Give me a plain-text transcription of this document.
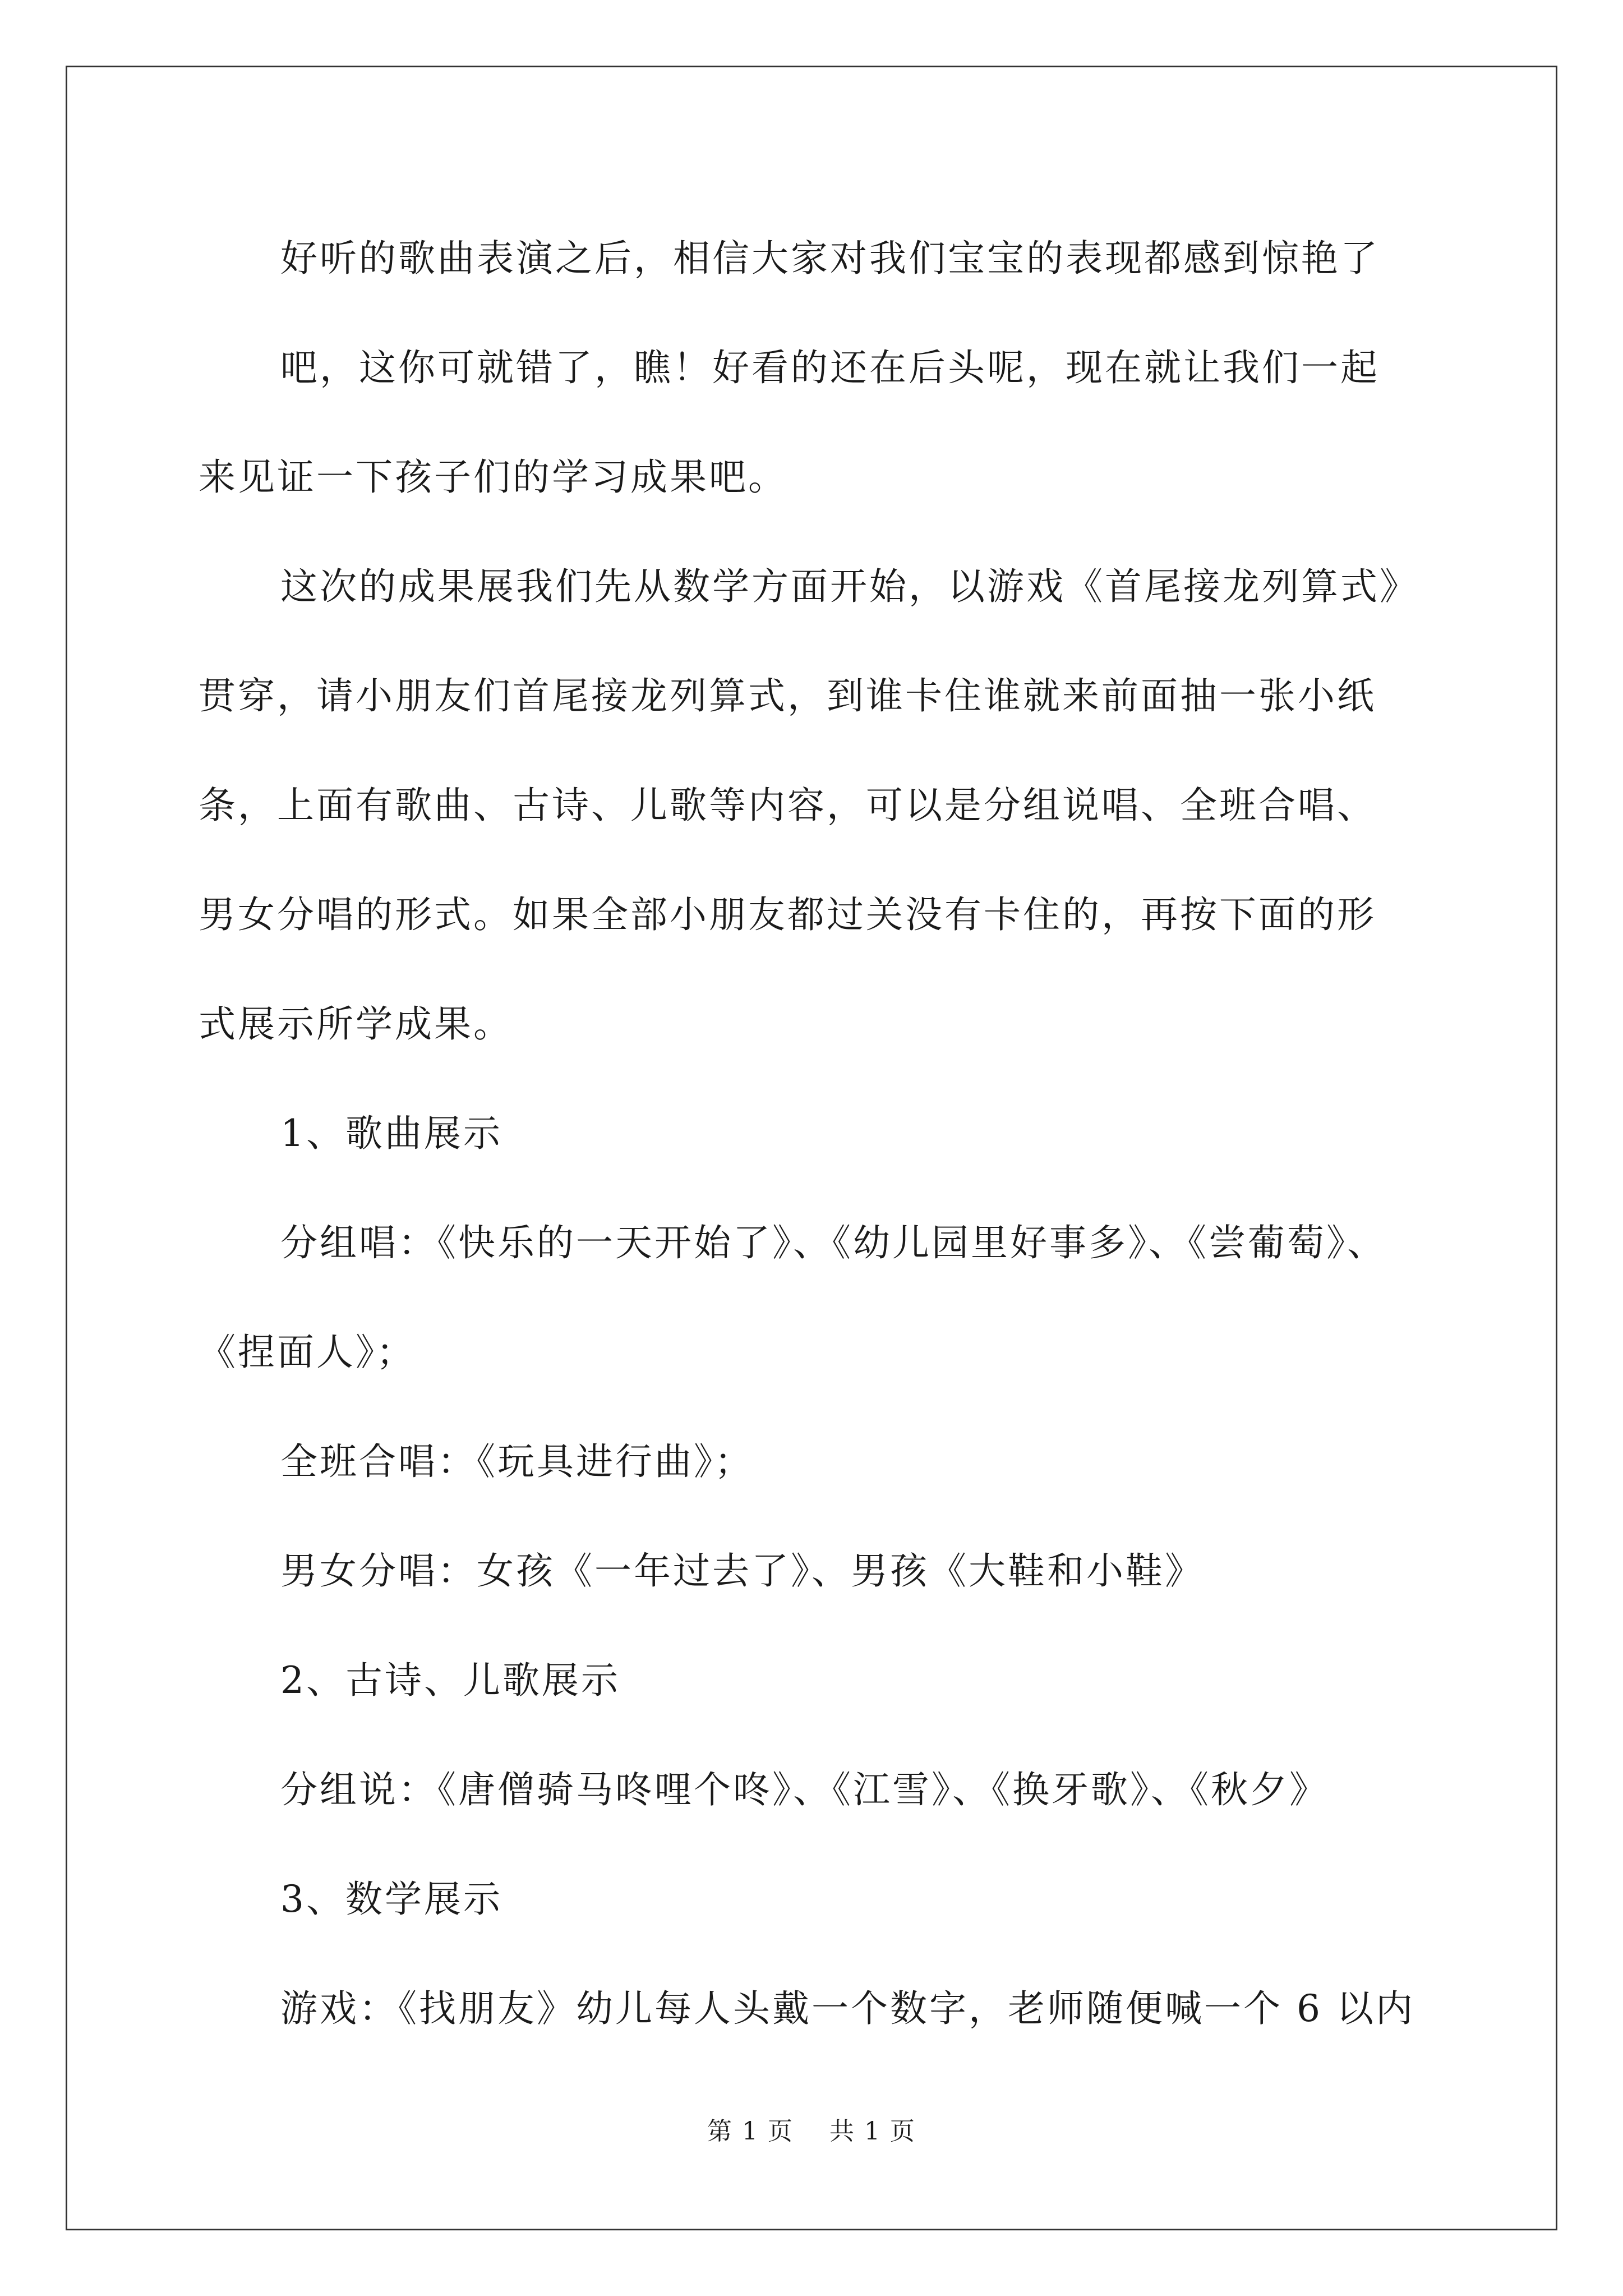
好听的歌曲表演之后，相信大家对我们宝宝的表现都感到惊艳了

吧，这你可就错了，瞧！好看的还在后头呢，现在就让我们一起

来见证一下孩子们的学习成果吧。

这次的成果展我们先从数学方面开始，以游戏《首尾接龙列算式》

贯穿，请小朋友们首尾接龙列算式，到谁卡住谁就来前面抽一张小纸

条，上面有歌曲、古诗、儿歌等内容，可以是分组说唱、全班合唱、

男女分唱的形式。如果全部小朋友都过关没有卡住的，再按下面的形

式展示所学成果。

1、歌曲展示

分组唱：《快乐的一天开始了》、《幼儿园里好事多》、《尝葡萄》、

《捏面人》；

全班合唱：《玩具进行曲》；

男女分唱：女孩《一年过去了》、男孩《大鞋和小鞋》

2、古诗、儿歌展示

分组说：《唐僧骑马咚哩个咚》、《江雪》、《换牙歌》、《秋夕》

3、数学展示

游戏：《找朋友》幼儿每人头戴一个数字，老师随便喊一个 6 以内

第 1 页    共 1 页
